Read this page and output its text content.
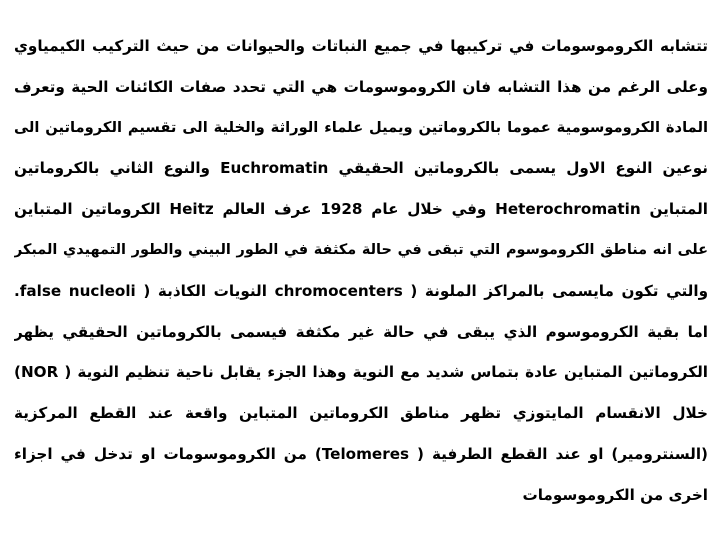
تتشابه الكروموسومات في تركيبها في جميع النباتات والحيوانات من حيث التركيب الكيمياوي
وعلى الرغم من هذا التشابه فان الكروموسومات هي التي تحدد صفات الكائنات الحية وتعرف
المادة الكروموسومية عموما بالكروماتين ويميل علماء الوراثة والخلية الى تقسيم الكروماتين الى
نوعين النوع الاول يسمى بالكروماتين الحقيقي Euchromatin والنوع الثاني بالكروماتين
المتباين Heterochromatin وفي خلال عام 1928 عرف العالم Heitz الكروماتين المتباين
على انه مناطق الكروموسوم التي تبقى في حالة مكثفة في الطور البيني والطور التمهيدي المبكر
والتي تكون مايسمى بالمراكز الملونة ( chromocenters النويات الكاذبة ( false nucleoli.
اما بقية الكروموسوم الذي يبقى في حالة غير مكثفة فيسمى بالكروماتين الحقيقي يظهر
الكروماتين المتباين عادة بتماس شديد مع النوية وهذا الجزء يقابل ناحية تنظيم النوية ( NOR)
خلال الانقسام المايتوزي تظهر مناطق الكروماتين المتباين واقعة عند القطع المركزية
(السنترومير) او عند القطع الطرفية ( Telomeres) من الكروموسومات او تدخل في اجزاء
اخرى من الكروموسومات
